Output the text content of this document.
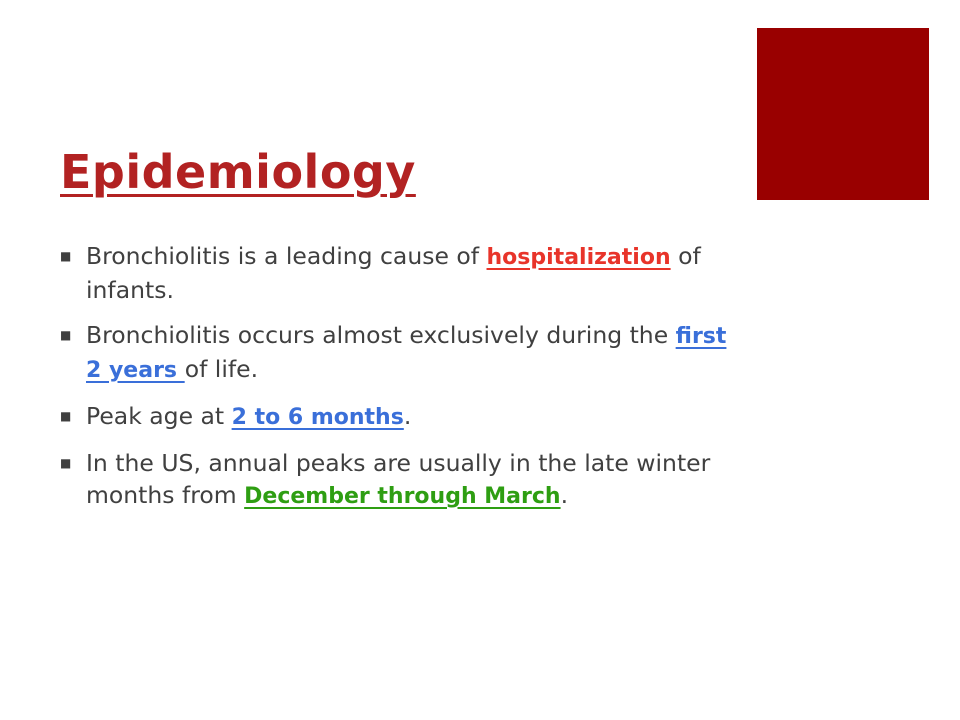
Epidemiology
■ Bronchiolitis is a leading cause of hospitalization of infants.
■ Bronchiolitis occurs almost exclusively during the first 2 years of life.
■ Peak age at 2 to 6 months.
■ In the US, annual peaks are usually in the late winter months from December through March.
